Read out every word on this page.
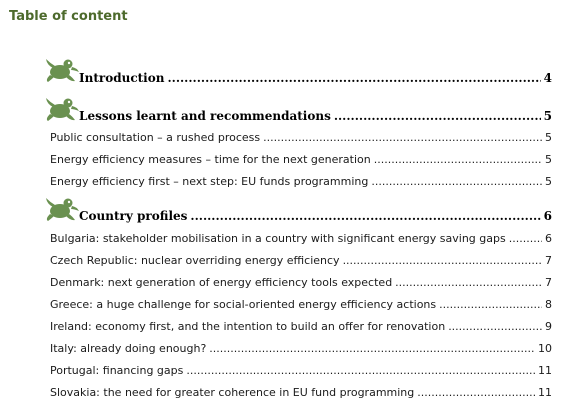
Table of content
Introduction .....	4
Lessons learnt and recommendations .....	5
Public consultation – a rushed process .....	5
Energy efficiency measures – time for the next generation .....	5
Energy efficiency first – next step: EU funds programming .....	5
Country profiles .....	6
Bulgaria: stakeholder mobilisation in a country with significant energy saving gaps .....	6
Czech Republic: nuclear overriding energy efficiency .....	7
Denmark: next generation of energy efficiency tools expected .....	7
Greece: a huge challenge for social-oriented energy efficiency actions .....	8
Ireland: economy first, and the intention to build an offer for renovation .....	9
Italy: already doing enough? .....	10
Portugal: financing gaps .....	11
Slovakia: the need for greater coherence in EU fund programming .....	11
